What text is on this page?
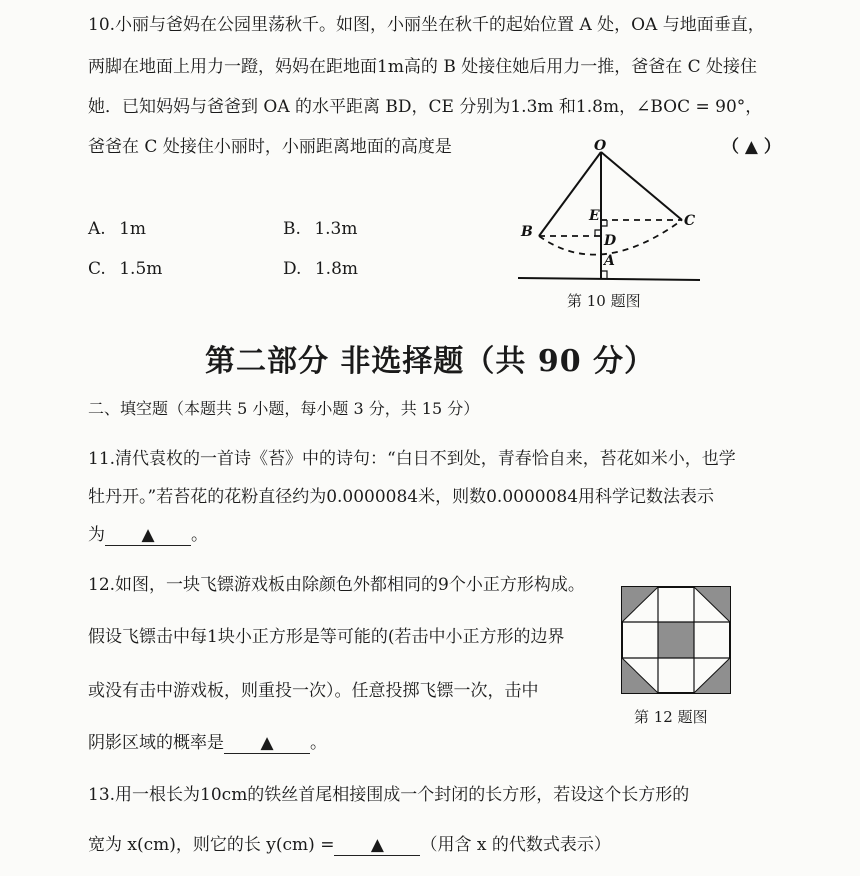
10.小丽与爸妈在公园里荡秋千。如图，小丽坐在秋千的起始位置 A 处，OA 与地面垂直，
两脚在地面上用力一蹬，妈妈在距地面1m高的 B 处接住她后用力一推，爸爸在 C 处接住
她．已知妈妈与爸爸到 OA 的水平距离 BD，CE 分别为1.3m 和1.8m，∠BOC = 90°，
爸爸在 C 处接住小丽时，小丽距离地面的高度是	（ ▲ ）
A. 1m	B. 1.3m
C. 1.5m	D. 1.8m
O
B
C
E
D
A
第 10 题图
第二部分 非选择题（共 90 分）
二、填空题（本题共 5 小题，每小题 3 分，共 15 分）
11.清代袁枚的一首诗《苔》中的诗句：“白日不到处，青春恰自来，苔花如米小，也学
牡丹开。”若苔花的花粉直径约为0.0000084米，则数0.0000084用科学记数法表示
为 ▲ 。
12.如图，一块飞镖游戏板由除颜色外都相同的9个小正方形构成。
假设飞镖击中每1块小正方形是等可能的(若击中小正方形的边界
或没有击中游戏板，则重投一次）。任意投掷飞镖一次，击中
阴影区域的概率是 ▲ 。
第 12 题图
13.用一根长为10cm的铁丝首尾相接围成一个封闭的长方形，若设这个长方形的
宽为 x(cm)，则它的长 y(cm) = ▲ （用含 x 的代数式表示）
